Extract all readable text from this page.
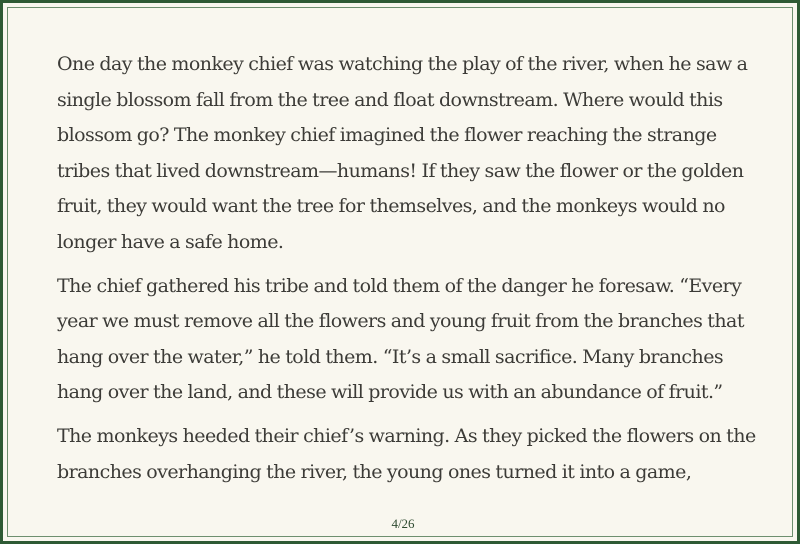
One day the monkey chief was watching the play of the river, when he saw a single blossom fall from the tree and float downstream. Where would this blossom go? The monkey chief imagined the flower reaching the strange tribes that lived downstream—humans! If they saw the flower or the golden fruit, they would want the tree for themselves, and the monkeys would no longer have a safe home.

The chief gathered his tribe and told them of the danger he foresaw. “Every year we must remove all the flowers and young fruit from the branches that hang over the water,” he told them. “It’s a small sacrifice. Many branches hang over the land, and these will provide us with an abundance of fruit.”

The monkeys heeded their chief’s warning. As they picked the flowers on the branches overhanging the river, the young ones turned it into a game,

4/26
